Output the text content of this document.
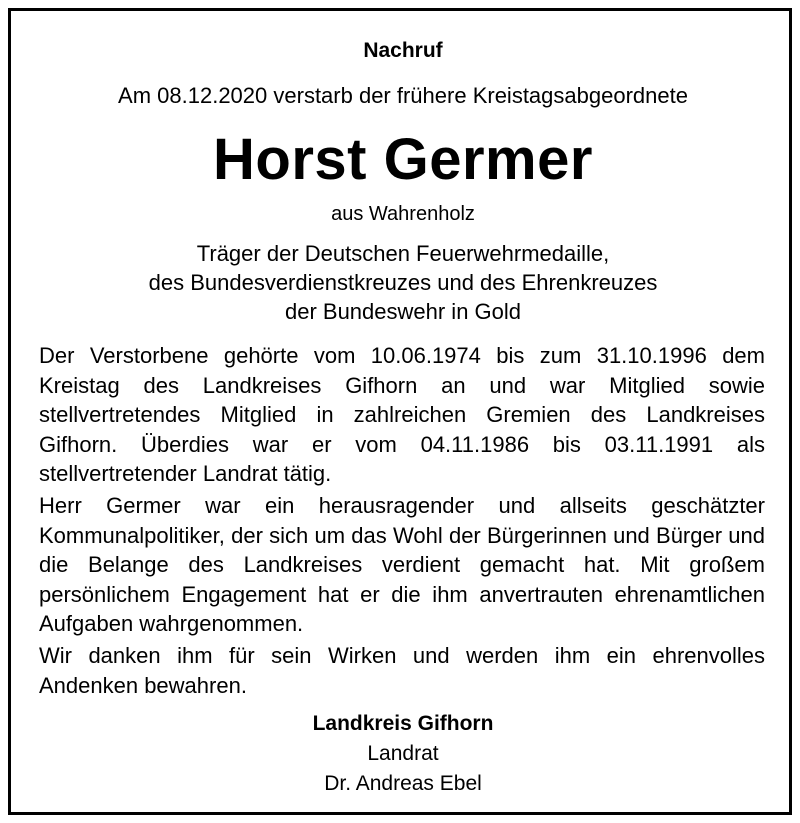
Nachruf

Am 08.12.2020 verstarb der frühere Kreistagsabgeordnete

Horst Germer

aus Wahrenholz

Träger der Deutschen Feuerwehrmedaille,
des Bundesverdienstkreuzes und des Ehrenkreuzes
der Bundeswehr in Gold

Der Verstorbene gehörte vom 10.06.1974 bis zum 31.10.1996 dem Kreistag des Landkreises Gifhorn an und war Mitglied sowie stellvertretendes Mitglied in zahlreichen Gremien des Landkreises Gifhorn. Überdies war er vom 04.11.1986 bis 03.11.1991 als stellvertretender Landrat tätig.

Herr Germer war ein herausragender und allseits geschätzter Kommunalpolitiker, der sich um das Wohl der Bürgerinnen und Bürger und die Belange des Landkreises verdient gemacht hat. Mit großem persönlichem Engagement hat er die ihm anvertrauten ehrenamtlichen Aufgaben wahrgenommen.

Wir danken ihm für sein Wirken und werden ihm ein ehrenvolles Andenken bewahren.

Landkreis Gifhorn
Landrat
Dr. Andreas Ebel
